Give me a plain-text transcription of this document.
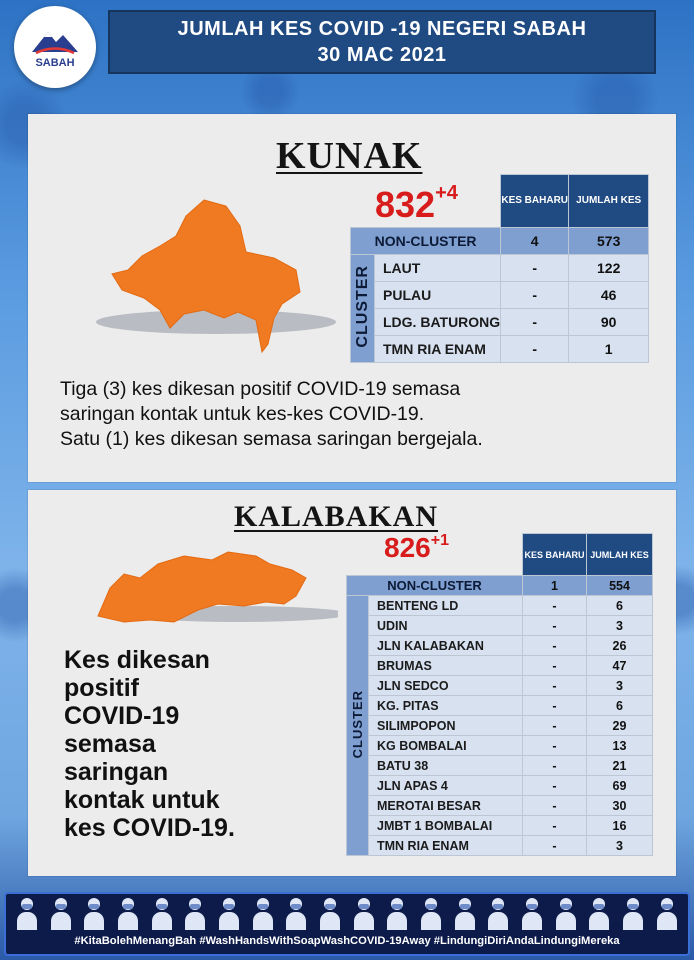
SABAH
JUMLAH KES COVID -19 NEGERI SABAH
30 MAC 2021
KUNAK
$832^{+4}$
		KES BAHARU	JUMLAH KES
NON-CLUSTER		4	573
CLUSTER	LAUT	-	122
	PULAU	-	46
	LDG. BATURONG	-	90
	TMN RIA ENAM	-	1
Tiga (3) kes dikesan positif COVID-19 semasa
saringan kontak untuk kes-kes COVID-19.
Satu (1) kes dikesan semasa saringan bergejala.
KALABAKAN
$826^{+1}$
Kes dikesan
positif
COVID-19
semasa
saringan
kontak untuk
kes COVID-19.
		KES BAHARU	JUMLAH KES
NON-CLUSTER		1	554
CLUSTER	BENTENG LD	-	6
	UDIN	-	3
	JLN KALABAKAN	-	26
	BRUMAS	-	47
	JLN SEDCO	-	3
	KG. PITAS	-	6
	SILIMPOPON	-	29
	KG BOMBALAI	-	13
	BATU 38	-	21
	JLN APAS 4	-	69
	MEROTAI BESAR	-	30
	JMBT 1 BOMBALAI	-	16
	TMN RIA ENAM	-	3
#KitaBolehMenangBah #WashHandsWithSoapWashCOVID-19Away #LindungiDiriAndaLindungiMereka
